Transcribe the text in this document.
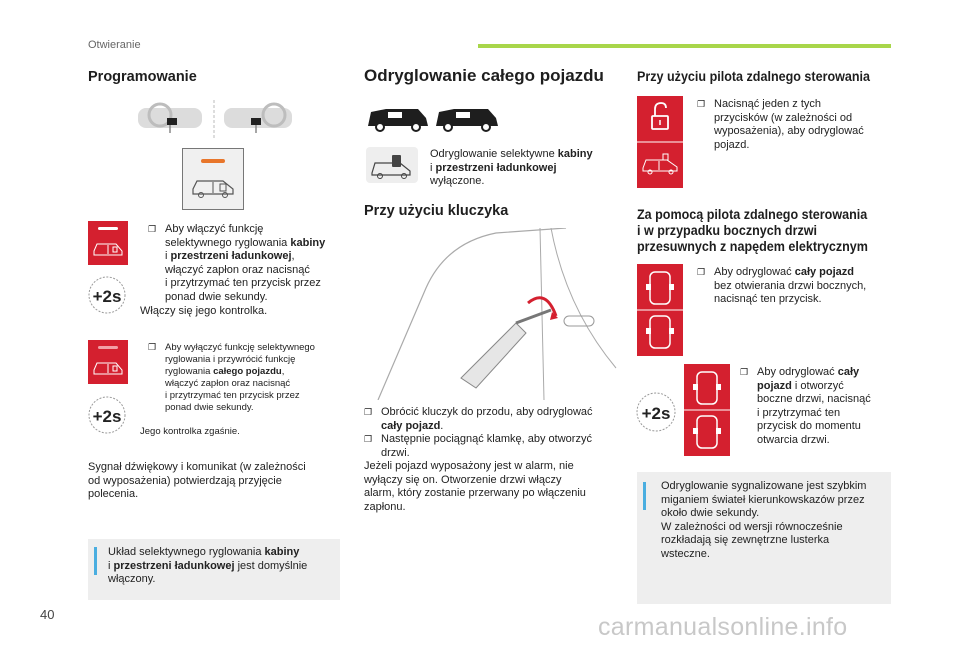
Otwieranie
Programowanie
+2s
❐ Aby włączyć funkcję
selektywnego ryglowania kabiny
i przestrzeni ładunkowej,
włączyć zapłon oraz nacisnąć
i przytrzymać ten przycisk przez
ponad dwie sekundy.
Włączy się jego kontrolka.
+2s
❐ Aby wyłączyć funkcję selektywnego
ryglowania i przywrócić funkcję
ryglowania całego pojazdu,
włączyć zapłon oraz nacisnąć
i przytrzymać ten przycisk przez
ponad dwie sekundy.
Jego kontrolka zgaśnie.
Sygnał dźwiękowy i komunikat (w zależności
od wyposażenia) potwierdzają przyjęcie
polecenia.
Układ selektywnego ryglowania kabiny
i przestrzeni ładunkowej jest domyślnie
włączony.
Odryglowanie całego pojazdu
Odryglowanie selektywne kabiny
i przestrzeni ładunkowej
wyłączone.
Przy użyciu kluczyka
❐ Obrócić kluczyk do przodu, aby odryglować
cały pojazd.
❐ Następnie pociągnąć klamkę, aby otworzyć
drzwi.
Jeżeli pojazd wyposażony jest w alarm, nie
wyłączy się on. Otworzenie drzwi włączy
alarm, który zostanie przerwany po włączeniu
zapłonu.
Przy użyciu pilota zdalnego sterowania
❐ Nacisnąć jeden z tych
przycisków (w zależności od
wyposażenia), aby odryglować
pojazd.
Za pomocą pilota zdalnego sterowania
i w przypadku bocznych drzwi
przesuwnych z napędem elektrycznym
❐ Aby odryglować cały pojazd
bez otwierania drzwi bocznych,
nacisnąć ten przycisk.
+2s
❐ Aby odryglować cały
pojazd i otworzyć
boczne drzwi, nacisnąć
i przytrzymać ten
przycisk do momentu
otwarcia drzwi.
Odryglowanie sygnalizowane jest szybkim
miganiem świateł kierunkowskazów przez
około dwie sekundy.
W zależności od wersji równocześnie
rozkładają się zewnętrzne lusterka
wsteczne.
40	carmanualsonline.info
